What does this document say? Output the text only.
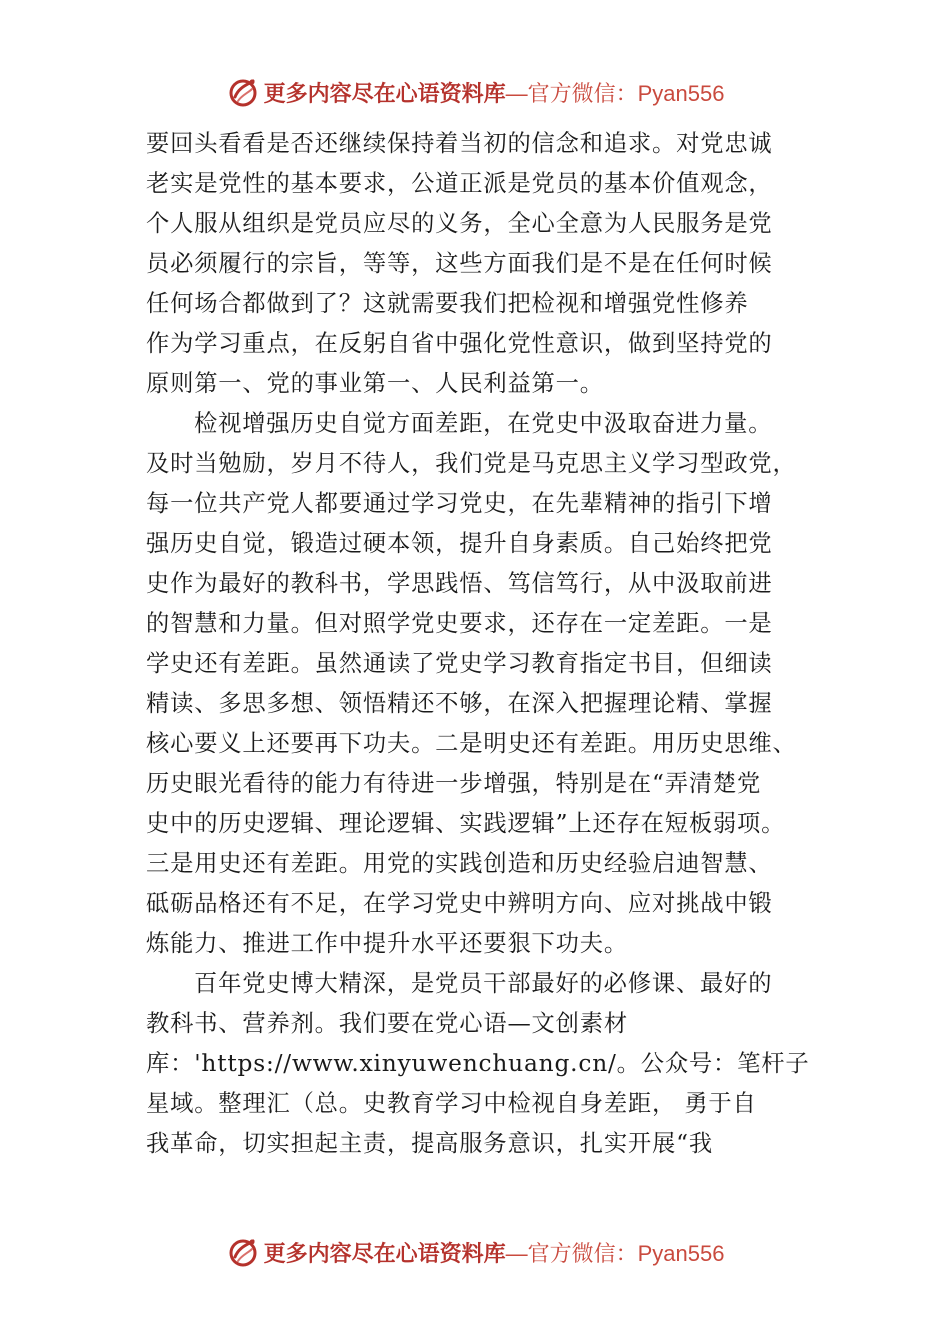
更多内容尽在心语资料库 —官方微信：Pyan556
要回头看看是否还继续保持着当初的信念和追求。对党忠诚
老实是党性的基本要求，公道正派是党员的基本价值观念，
个人服从组织是党员应尽的义务，全心全意为人民服务是党
员必须履行的宗旨，等等，这些方面我们是不是在任何时候
任何场合都做到了？这就需要我们把检视和增强党性修养
作为学习重点，在反躬自省中强化党性意识，做到坚持党的
原则第一、党的事业第一、人民利益第一。
检视增强历史自觉方面差距，在党史中汲取奋进力量。
及时当勉励，岁月不待人，我们党是马克思主义学习型政党，
每一位共产党人都要通过学习党史，在先辈精神的指引下增
强历史自觉，锻造过硬本领，提升自身素质。自己始终把党
史作为最好的教科书，学思践悟、笃信笃行，从中汲取前进
的智慧和力量。但对照学党史要求，还存在一定差距。一是
学史还有差距。虽然通读了党史学习教育指定书目，但细读
精读、多思多想、领悟精还不够，在深入把握理论精、掌握
核心要义上还要再下功夫。二是明史还有差距。用历史思维、
历史眼光看待的能力有待进一步增强，特别是在“弄清楚党
史中的历史逻辑、理论逻辑、实践逻辑”上还存在短板弱项。
三是用史还有差距。用党的实践创造和历史经验启迪智慧、
砥砺品格还有不足，在学习党史中辨明方向、应对挑战中锻
炼能力、推进工作中提升水平还要狠下功夫。
百年党史博大精深，是党员干部最好的必修课、最好的
教科书、营养剂。我们要在党心语—文创素材
库：'https://www.xinyuwenchuang.cn/。公众号：笔杆子
星域。整理汇（总。史教育学习中检视自身差距， 勇于自
我革命，切实担起主责，提高服务意识，扎实开展“我
更多内容尽在心语资料库 —官方微信：Pyan556
